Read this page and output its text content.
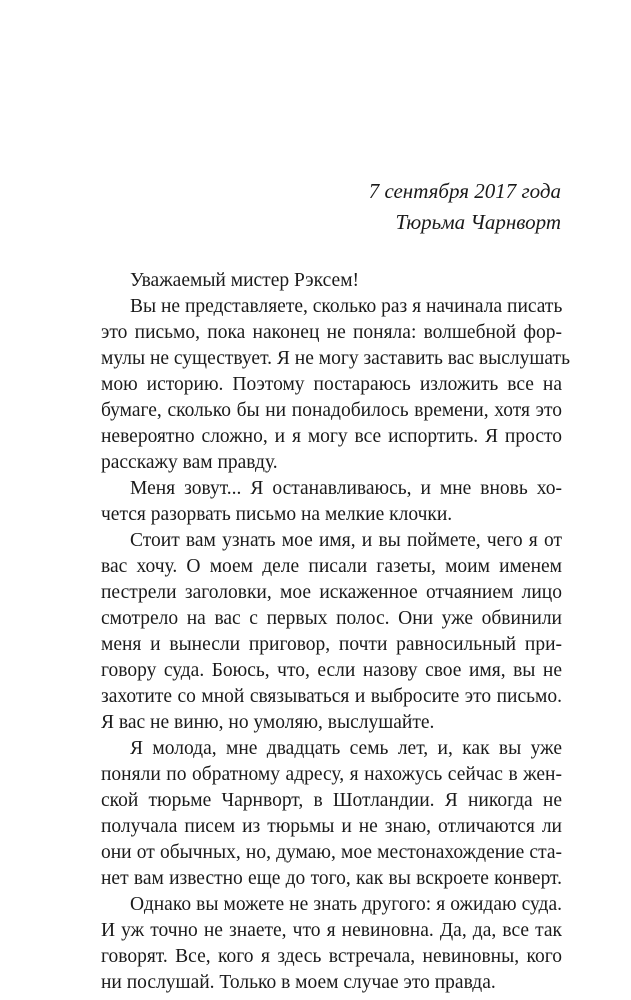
7 сентября 2017 года
Тюрьма Чарнворт
Уважаемый мистер Рэксем!
Вы не представляете, сколько раз я начинала писать
это письмо, пока наконец не поняла: волшебной фор-
мулы не существует. Я не могу заставить вас выслушать
мою историю. Поэтому постараюсь изложить все на
бумаге, сколько бы ни понадобилось времени, хотя это
невероятно сложно, и я могу все испортить. Я просто
расскажу вам правду.
Меня зовут... Я останавливаюсь, и мне вновь хо-
чется разорвать письмо на мелкие клочки.
Стоит вам узнать мое имя, и вы поймете, чего я от
вас хочу. О моем деле писали газеты, моим именем
пестрели заголовки, мое искаженное отчаянием лицо
смотрело на вас с первых полос. Они уже обвинили
меня и вынесли приговор, почти равносильный при-
говору суда. Боюсь, что, если назову свое имя, вы не
захотите со мной связываться и выбросите это письмо.
Я вас не виню, но умоляю, выслушайте.
Я молода, мне двадцать семь лет, и, как вы уже
поняли по обратному адресу, я нахожусь сейчас в жен-
ской тюрьме Чарнворт, в Шотландии. Я никогда не
получала писем из тюрьмы и не знаю, отличаются ли
они от обычных, но, думаю, мое местонахождение ста-
нет вам известно еще до того, как вы вскроете конверт.
Однако вы можете не знать другого: я ожидаю суда.
И уж точно не знаете, что я невиновна. Да, да, все так
говорят. Все, кого я здесь встречала, невиновны, кого
ни послушай. Только в моем случае это правда.
